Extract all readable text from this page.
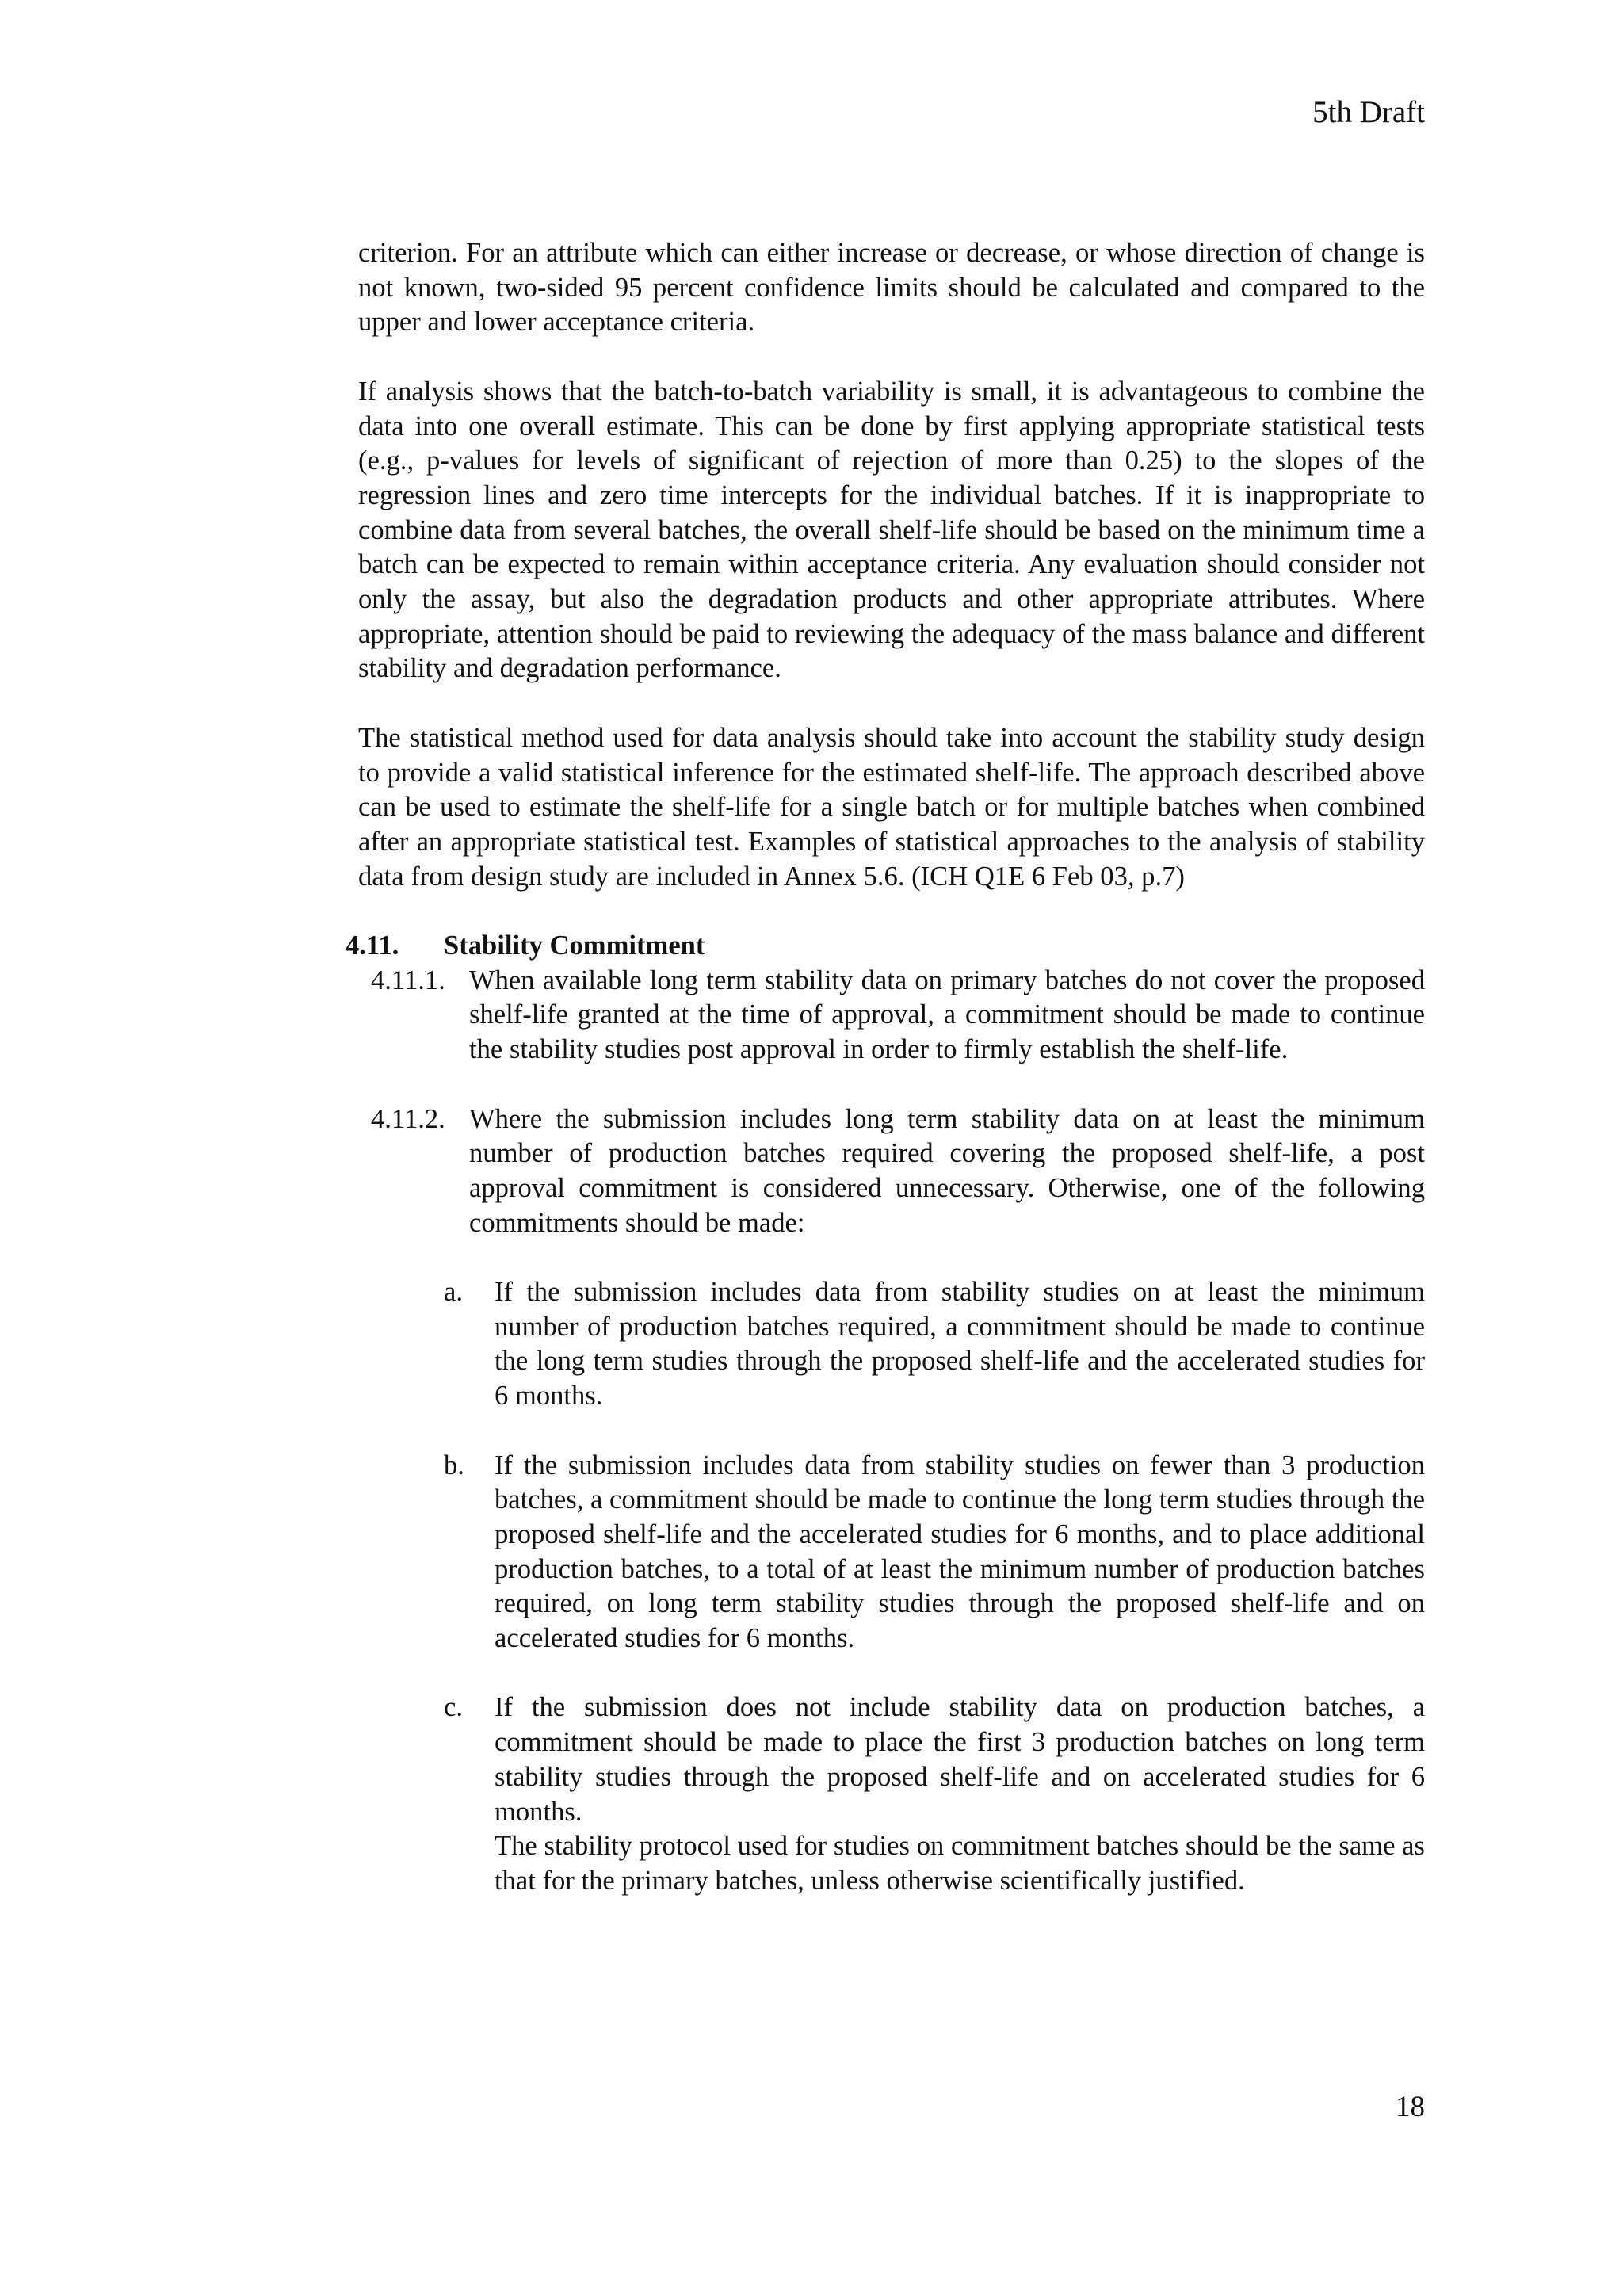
5th Draft

criterion. For an attribute which can either increase or decrease, or whose direction of change is not known, two-sided 95 percent confidence limits should be calculated and compared to the upper and lower acceptance criteria.

If analysis shows that the batch-to-batch variability is small, it is advantageous to combine the data into one overall estimate. This can be done by first applying appropriate statistical tests (e.g., p-values for levels of significant of rejection of more than 0.25) to the slopes of the regression lines and zero time intercepts for the individual batches. If it is inappropriate to combine data from several batches, the overall shelf-life should be based on the minimum time a batch can be expected to remain within acceptance criteria. Any evaluation should consider not only the assay, but also the degradation products and other appropriate attributes. Where appropriate, attention should be paid to reviewing the adequacy of the mass balance and different stability and degradation performance.

The statistical method used for data analysis should take into account the stability study design to provide a valid statistical inference for the estimated shelf-life. The approach described above can be used to estimate the shelf-life for a single batch or for multiple batches when combined after an appropriate statistical test. Examples of statistical approaches to the analysis of stability data from design study are included in Annex 5.6. (ICH Q1E 6 Feb 03, p.7)

4.11. Stability Commitment
4.11.1. When available long term stability data on primary batches do not cover the proposed shelf-life granted at the time of approval, a commitment should be made to continue the stability studies post approval in order to firmly establish the shelf-life.
4.11.2. Where the submission includes long term stability data on at least the minimum number of production batches required covering the proposed shelf-life, a post approval commitment is considered unnecessary. Otherwise, one of the following commitments should be made:
a. If the submission includes data from stability studies on at least the minimum number of production batches required, a commitment should be made to continue the long term studies through the proposed shelf-life and the accelerated studies for 6 months.
b. If the submission includes data from stability studies on fewer than 3 production batches, a commitment should be made to continue the long term studies through the proposed shelf-life and the accelerated studies for 6 months, and to place additional production batches, to a total of at least the minimum number of production batches required, on long term stability studies through the proposed shelf-life and on accelerated studies for 6 months.
c. If the submission does not include stability data on production batches, a commitment should be made to place the first 3 production batches on long term stability studies through the proposed shelf-life and on accelerated studies for 6 months.
The stability protocol used for studies on commitment batches should be the same as that for the primary batches, unless otherwise scientifically justified.
18
